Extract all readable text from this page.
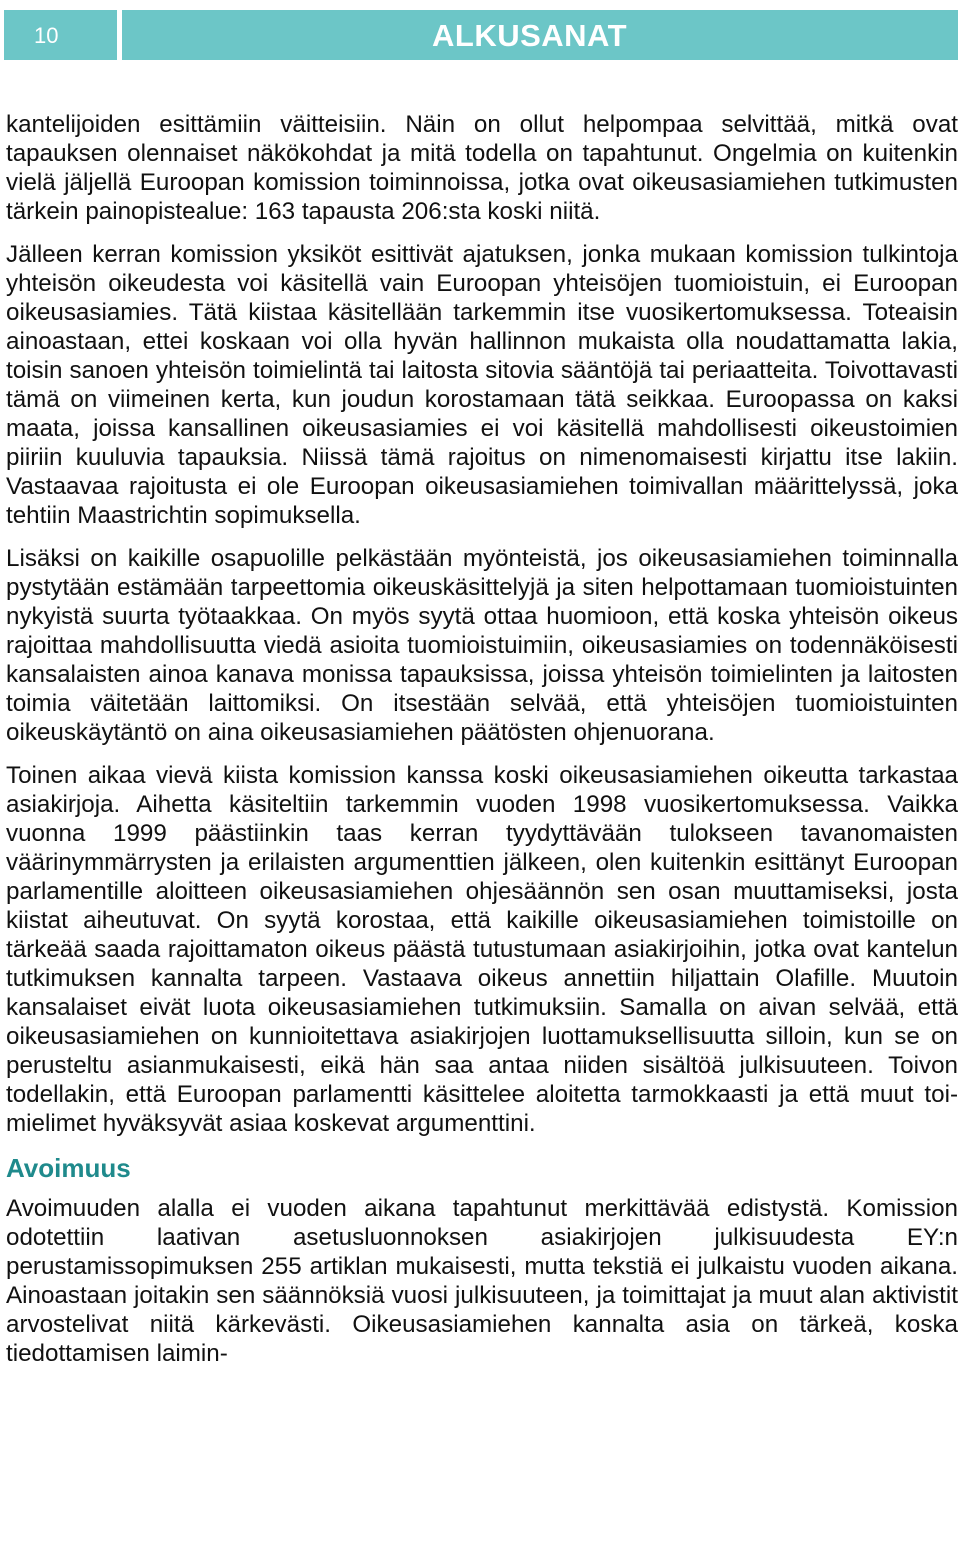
10	ALKUSANAT

kantelijoiden esittämiin väitteisiin. Näin on ollut helpompaa selvittää, mitkä ovat tapauksen olennaiset näkökohdat ja mitä todella on tapahtunut. Ongelmia on kuitenkin vielä jäljellä Euroopan komission toiminnoissa, jotka ovat oikeusasiamiehen tutkimusten tärkein painopistealue: 163 tapausta 206:sta koski niitä.

Jälleen kerran komission yksiköt esittivät ajatuksen, jonka mukaan komission tulkintoja yhteisön oikeudesta voi käsitellä vain Euroopan yhteisöjen tuomioistuin, ei Euroopan oikeusasiamies. Tätä kiistaa käsitellään tarkemmin itse vuosikertomuksessa. Toteaisin ainoastaan, ettei koskaan voi olla hyvän hallinnon mukaista olla noudattamatta lakia, toisin sanoen yhteisön toimielintä tai laitosta sitovia sääntöjä tai periaatteita. Toivottavasti tämä on viimeinen kerta, kun joudun korostamaan tätä seikkaa. Euroopassa on kaksi maata, joissa kansallinen oikeusasiamies ei voi käsitellä mahdollisesti oikeustoimien piiriin kuuluvia tapauksia. Niissä tämä rajoitus on nimenomaisesti kirjattu itse lakiin. Vastaavaa rajoitusta ei ole Euroopan oikeusasiamiehen toimivallan määrittelyssä, joka tehtiin Maastrichtin sopimuksella.

Lisäksi on kaikille osapuolille pelkästään myönteistä, jos oikeusasiamiehen toiminnalla pystytään estämään tarpeettomia oikeuskäsittelyjä ja siten helpottamaan tuomioistuinten nykyistä suurta työtaakkaa. On myös syytä ottaa huomioon, että koska yhteisön oikeus rajoittaa mahdollisuutta viedä asioita tuomioistuimiin, oikeusasiamies on todennäköisesti kansalaisten ainoa kanava monissa tapauksissa, joissa yhteisön toimielinten ja laitosten toimia väitetään laittomiksi. On itsestään selvää, että yhteisöjen tuomioistuinten oikeuskäytäntö on aina oikeusasiamiehen päätösten ohjenuorana.

Toinen aikaa vievä kiista komission kanssa koski oikeusasiamiehen oikeutta tarkastaa asiakirjoja. Aihetta käsiteltiin tarkemmin vuoden 1998 vuosikertomuksessa. Vaikka vuonna 1999 päästiinkin taas kerran tyydyttävään tulokseen tavanomaisten väärinymmärrysten ja erilaisten argumenttien jälkeen, olen kuitenkin esittänyt Euroopan parlamentille aloitteen oikeusasiamiehen ohjesäännön sen osan muuttamiseksi, josta kiistat aiheutuvat. On syytä korostaa, että kaikille oikeusasiamiehen toimistoille on tärkeää saada rajoittamaton oikeus päästä tutustumaan asiakirjoihin, jotka ovat kantelun tutkimuksen kannalta tarpeen. Vastaava oikeus annettiin hiljattain Olafille. Muutoin kansalaiset eivät luota oikeusasiamiehen tutkimuksiin. Samalla on aivan selvää, että oikeusasiamiehen on kunnioitettava asiakirjojen luottamuksellisuutta silloin, kun se on perusteltu asianmukaisesti, eikä hän saa antaa niiden sisältöä julkisuuteen. Toivon todellakin, että Euroopan parlamentti käsittelee aloitetta tarmokkaasti ja että muut toimielimet hyväksyvät asiaa koskevat argumenttini.

Avoimuus

Avoimuuden alalla ei vuoden aikana tapahtunut merkittävää edistystä. Komission odotettiin laativan asetusluonnoksen asiakirjojen julkisuudesta EY:n perustamissopimuksen 255 artiklan mukaisesti, mutta tekstiä ei julkaistu vuoden aikana. Ainoastaan joitakin sen säännöksiä vuosi julkisuuteen, ja toimittajat ja muut alan aktivistit arvostelivat niitä kärkevästi. Oikeusasiamiehen kannalta asia on tärkeä, koska tiedottamisen laimin-
